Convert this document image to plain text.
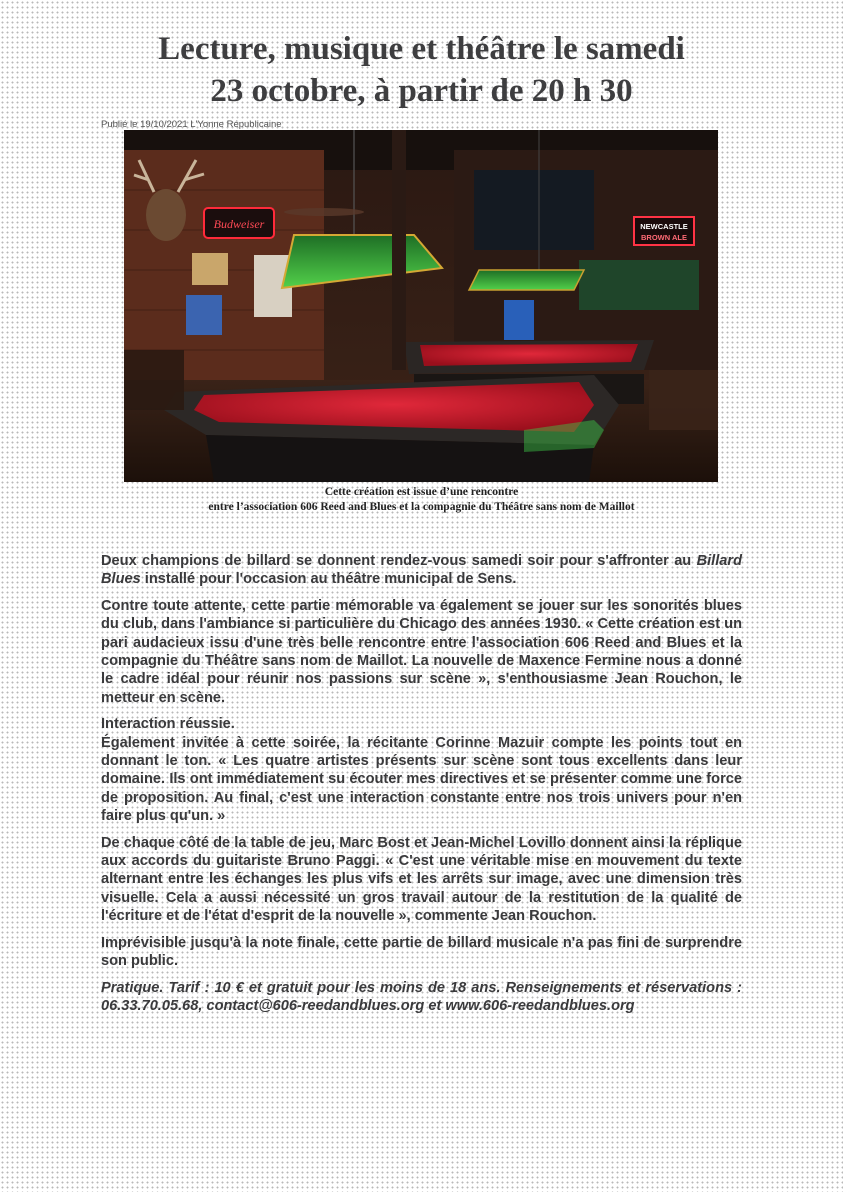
Lecture, musique et théâtre le samedi
23 octobre, à partir de 20 h 30
Publié le 19/10/2021 L'Yonne Républicaine
Budweiser	NEWCASTLE
BROWN ALE
Cette création est issue d’une rencontre
entre l’association 606 Reed and Blues et la compagnie du Théâtre sans nom de Maillot

Deux champions de billard se donnent rendez-vous samedi soir pour s'affronter au Billard Blues installé pour l'occasion au théâtre municipal de Sens.

Contre toute attente, cette partie mémorable va également se jouer sur les sonorités blues du club, dans l'ambiance si particulière du Chicago des années 1930. « Cette création est un pari audacieux issu d'une très belle rencontre entre l'association 606 Reed and Blues et la compagnie du Théâtre sans nom de Maillot. La nouvelle de Maxence Fermine nous a donné le cadre idéal pour réunir nos passions sur scène », s'enthousiasme Jean Rouchon, le metteur en scène.

Interaction réussie.

Également invitée à cette soirée, la récitante Corinne Mazuir compte les points tout en donnant le ton. « Les quatre artistes présents sur scène sont tous excellents dans leur domaine. Ils ont immédiatement su écouter mes directives et se présenter comme une force de proposition. Au final, c'est une interaction constante entre nos trois univers pour n'en faire plus qu'un. »

De chaque côté de la table de jeu, Marc Bost et Jean-Michel Lovillo donnent ainsi la réplique aux accords du guitariste Bruno Paggi. « C'est une véritable mise en mouvement du texte alternant entre les échanges les plus vifs et les arrêts sur image, avec une dimension très visuelle. Cela a aussi nécessité un gros travail autour de la restitution de la qualité de l'écriture et de l'état d'esprit de la nouvelle », commente Jean Rouchon.

Imprévisible jusqu'à la note finale, cette partie de billard musicale n'a pas fini de surprendre son public.

Pratique. Tarif : 10 € et gratuit pour les moins de 18 ans. Renseignements et réservations : 06.33.70.05.68, contact@606-reedandblues.org et www.606-reedandblues.org
